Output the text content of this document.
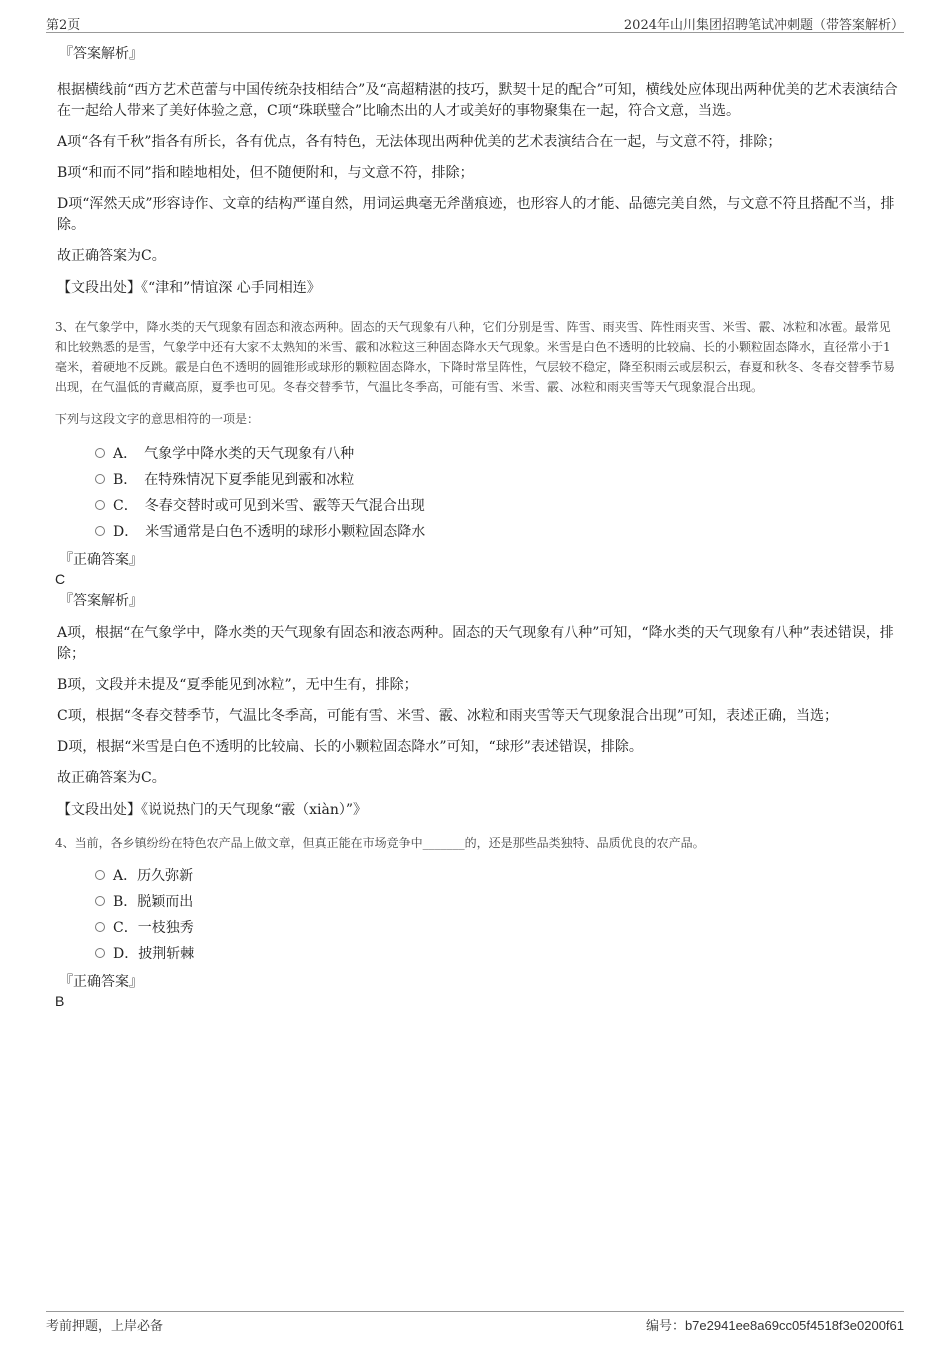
第2页	2024年山川集团招聘笔试冲刺题（带答案解析）
『答案解析』

根据横线前“西方艺术芭蕾与中国传统杂技相结合”及“高超精湛的技巧，默契十足的配合”可知，横线处应体现出两种优美的艺术表演结合在一起给人带来了美好体验之意，C项“珠联璧合”比喻杰出的人才或美好的事物聚集在一起，符合文意，当选。

A项“各有千秋”指各有所长，各有优点，各有特色，无法体现出两种优美的艺术表演结合在一起，与文意不符，排除；

B项“和而不同”指和睦地相处，但不随便附和，与文意不符，排除；

D项“浑然天成”形容诗作、文章的结构严谨自然，用词运典毫无斧凿痕迹，也形容人的才能、品德完美自然，与文意不符且搭配不当，排除。

故正确答案为C。

【文段出处】《“津和”情谊深 心手同相连》

3、在气象学中，降水类的天气现象有固态和液态两种。固态的天气现象有八种，它们分别是雪、阵雪、雨夹雪、阵性雨夹雪、米雪、霰、冰粒和冰雹。最常见和比较熟悉的是雪，气象学中还有大家不太熟知的米雪、霰和冰粒这三种固态降水天气现象。米雪是白色不透明的比较扁、长的小颗粒固态降水，直径常小于1毫米，着硬地不反跳。霰是白色不透明的圆锥形或球形的颗粒固态降水，下降时常呈阵性，气层较不稳定，降至积雨云或层积云，春夏和秋冬、冬春交替季节易出现，在气温低的青藏高原，夏季也可见。冬春交替季节，气温比冬季高，可能有雪、米雪、霰、冰粒和雨夹雪等天气现象混合出现。

下列与这段文字的意思相符的一项是：

A．　气象学中降水类的天气现象有八种
B．　在特殊情况下夏季能见到霰和冰粒
C．　冬春交替时或可见到米雪、霰等天气混合出现
D．　米雪通常是白色不透明的球形小颗粒固态降水
『正确答案』
C
『答案解析』

A项，根据“在气象学中，降水类的天气现象有固态和液态两种。固态的天气现象有八种”可知，“降水类的天气现象有八种”表述错误，排除；

B项，文段并未提及“夏季能见到冰粒”，无中生有，排除；

C项，根据“冬春交替季节，气温比冬季高，可能有雪、米雪、霰、冰粒和雨夹雪等天气现象混合出现”可知，表述正确，当选；

D项，根据“米雪是白色不透明的比较扁、长的小颗粒固态降水”可知，“球形”表述错误，排除。

故正确答案为C。

【文段出处】《说说热门的天气现象“霰（xiàn）”》

4、当前，各乡镇纷纷在特色农产品上做文章，但真正能在市场竞争中_______的，还是那些品类独特、品质优良的农产品。

A．历久弥新
B．脱颖而出
C．一枝独秀
D．披荆斩棘
『正确答案』
B
考前押题，上岸必备	编号：b7e2941ee8a69cc05f4518f3e0200f61
